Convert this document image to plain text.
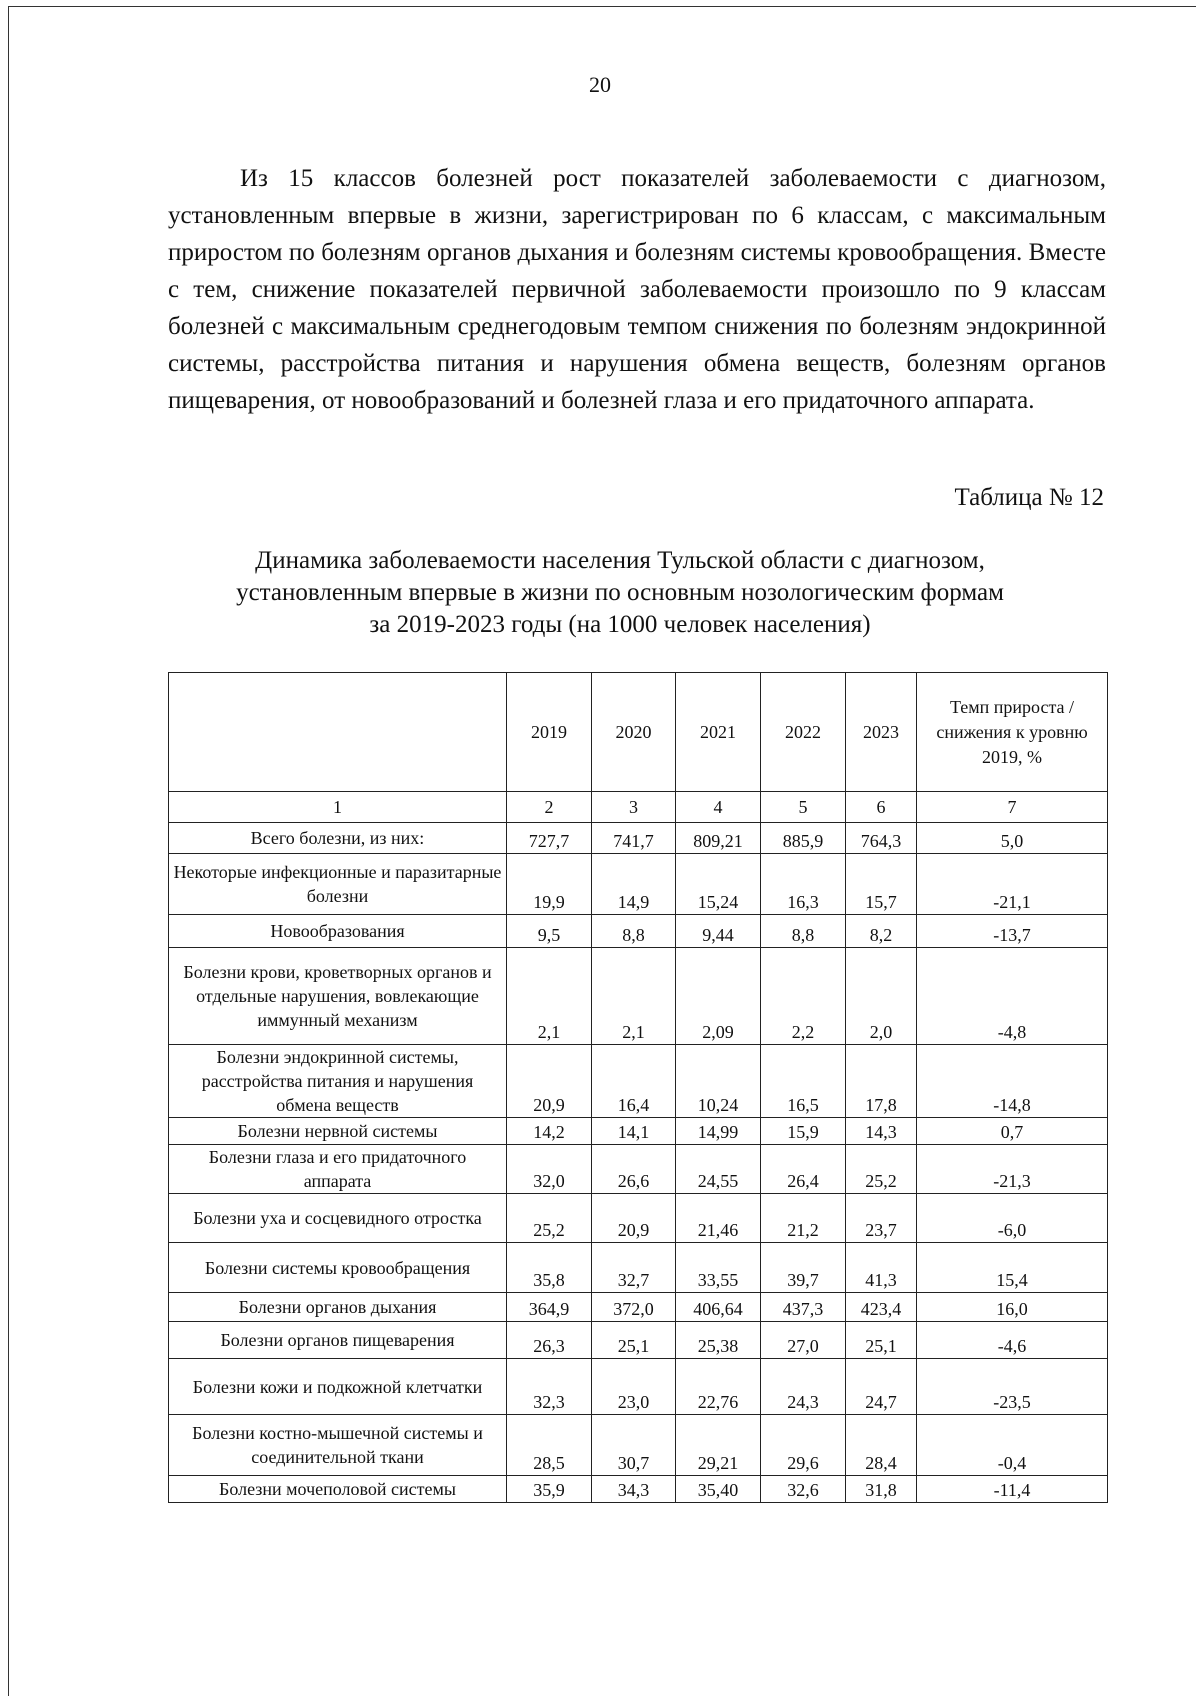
20

Из 15 классов болезней рост показателей заболеваемости с диагнозом, установленным впервые в жизни, зарегистрирован по 6 классам, с максимальным приростом по болезням органов дыхания и болезням системы кровообращения. Вместе с тем, снижение показателей первичной заболеваемости произошло по 9 классам болезней с максимальным среднегодовым темпом снижения по болезням эндокринной системы, расстройства питания и нарушения обмена веществ, болезням органов пищеварения, от новообразований и болезней глаза и его придаточного аппарата.

Таблица № 12
Динамика заболеваемости населения Тульской области с диагнозом,
установленным впервые в жизни по основным нозологическим формам
за 2019-2023 годы (на 1000 человек населения)
	2019	2020	2021	2022	2023	Темп прироста /снижения к уровню 2019, %
1	2	3	4	5	6	7
Всего болезни, из них:	727,7	741,7	809,21	885,9	764,3	5,0
Некоторые инфекционные и паразитарные болезни	19,9	14,9	15,24	16,3	15,7	-21,1
Новообразования	9,5	8,8	9,44	8,8	8,2	-13,7
Болезни крови, кроветворных органов и отдельные нарушения, вовлекающие иммунный механизм	2,1	2,1	2,09	2,2	2,0	-4,8
Болезни эндокринной системы, расстройства питания и нарушения обмена веществ	20,9	16,4	10,24	16,5	17,8	-14,8
Болезни нервной системы	14,2	14,1	14,99	15,9	14,3	0,7
Болезни глаза и его придаточного аппарата	32,0	26,6	24,55	26,4	25,2	-21,3
Болезни уха и сосцевидного отростка	25,2	20,9	21,46	21,2	23,7	-6,0
Болезни системы кровообращения	35,8	32,7	33,55	39,7	41,3	15,4
Болезни органов дыхания	364,9	372,0	406,64	437,3	423,4	16,0
Болезни органов пищеварения	26,3	25,1	25,38	27,0	25,1	-4,6
Болезни кожи и подкожной клетчатки	32,3	23,0	22,76	24,3	24,7	-23,5
Болезни костно-мышечной системы и соединительной ткани	28,5	30,7	29,21	29,6	28,4	-0,4
Болезни мочеполовой системы	35,9	34,3	35,40	32,6	31,8	-11,4
